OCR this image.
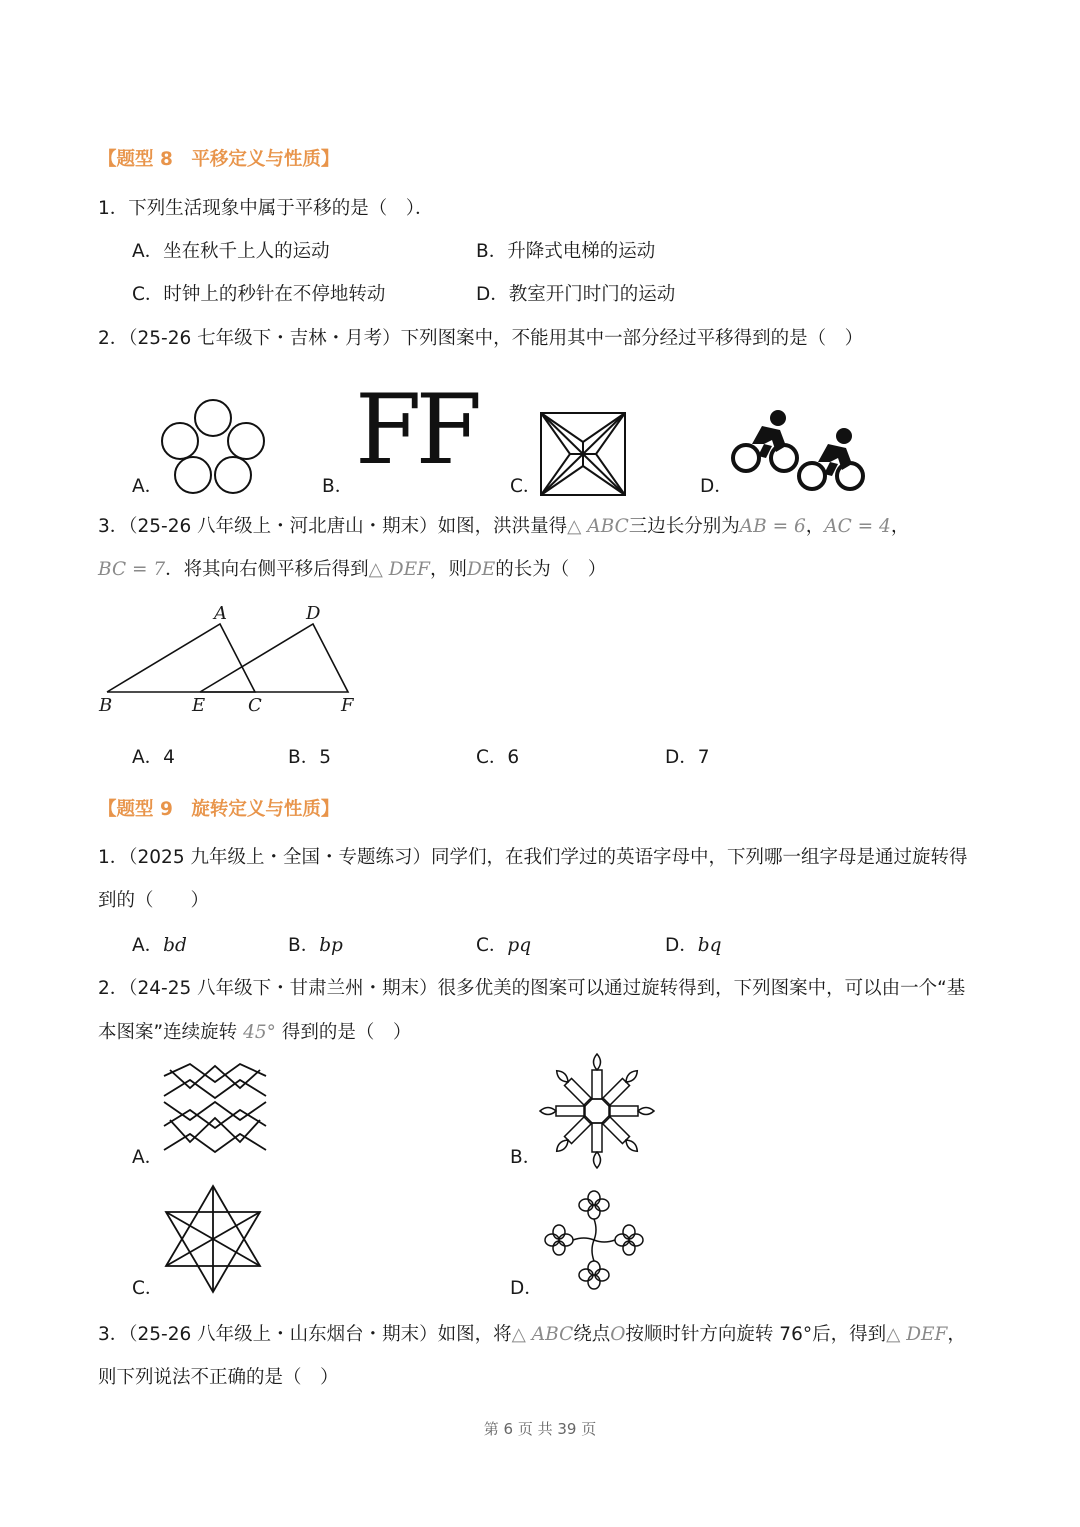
【题型 8　平移定义与性质】
1．下列生活现象中属于平移的是（　）．
A．坐在秋千上人的运动	B．升降式电梯的运动
C．时钟上的秒针在不停地转动	D．教室开门时门的运动
2．（25-26 七年级下・吉林・月考）下列图案中，不能用其中一部分经过平移得到的是（　）
A．
FF
B．	C．	D．
3．（25-26 八年级上・河北唐山・期末）如图，洪洪量得△ ABC三边长分别为AB = 6，AC = 4，
BC = 7．将其向右侧平移后得到△ DEF，则DE的长为（　）
A	D
B	E C	F
A．4	B．5	C．6	D．7
【题型 9　旋转定义与性质】
1．（2025 九年级上・全国・专题练习）同学们，在我们学过的英语字母中，下列哪一组字母是通过旋转得
到的（　　）
A．bd	B．bp	C．pq	D．bq
2．（24-25 八年级下・甘肃兰州・期末）很多优美的图案可以通过旋转得到，下列图案中，可以由一个“基
本图案”连续旋转 45° 得到的是（　）
A．	B．
C．	D．
3．（25-26 八年级上・山东烟台・期末）如图，将△ ABC绕点O按顺时针方向旋转 76°后，得到△ DEF，
则下列说法不正确的是（　）
第 6 页 共 39 页
